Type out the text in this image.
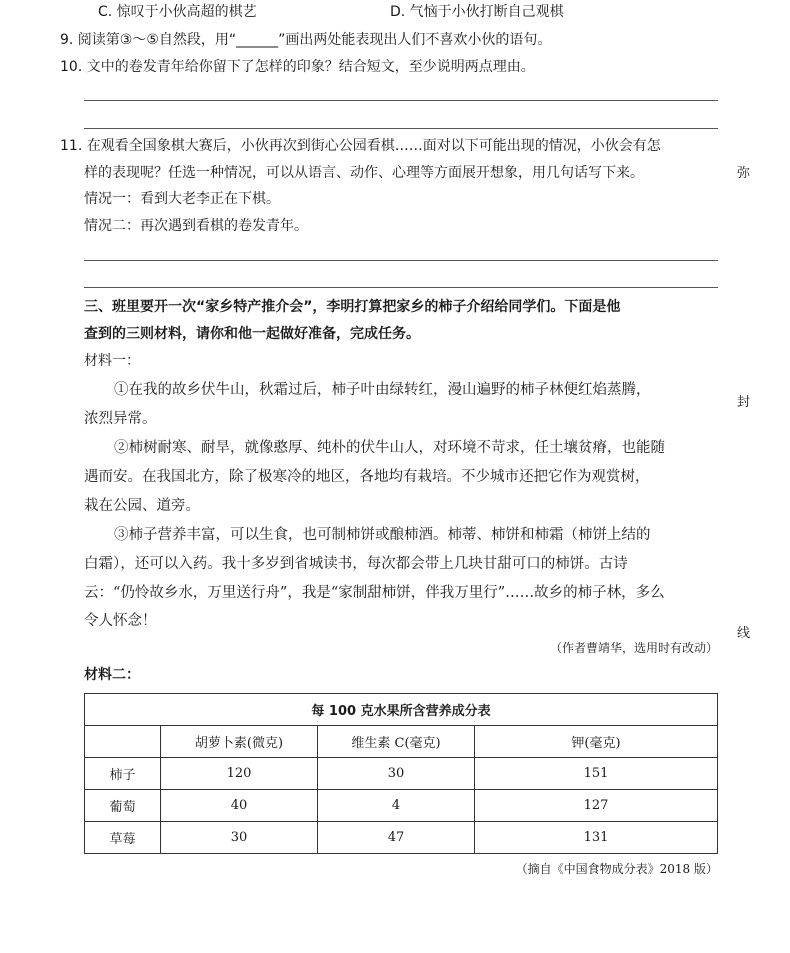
C. 惊叹于小伙高超的棋艺	D. 气恼于小伙打断自己观棋
9. 阅读第③～⑤自然段，用“______”画出两处能表现出人们不喜欢小伙的语句。
10. 文中的卷发青年给你留下了怎样的印象？结合短文，至少说明两点理由。
11. 在观看全国象棋大赛后，小伙再次到街心公园看棋……面对以下可能出现的情况，小伙会有怎
样的表现呢？任选一种情况，可以从语言、动作、心理等方面展开想象，用几句话写下来。
情况一：看到大老李正在下棋。
情况二：再次遇到看棋的卷发青年。
三、班里要开一次“家乡特产推介会”，李明打算把家乡的柿子介绍给同学们。下面是他
查到的三则材料，请你和他一起做好准备，完成任务。
材料一：
①在我的故乡伏牛山，秋霜过后，柿子叶由绿转红，漫山遍野的柿子林便红焰蒸腾，
浓烈异常。
②柿树耐寒、耐旱，就像憨厚、纯朴的伏牛山人，对环境不苛求，任土壤贫瘠，也能随
遇而安。在我国北方，除了极寒冷的地区，各地均有栽培。不少城市还把它作为观赏树，
栽在公园、道旁。
③柿子营养丰富，可以生食，也可制柿饼或酿柿酒。柿蒂、柿饼和柿霜（柿饼上结的
白霜），还可以入药。我十多岁到省城读书，每次都会带上几块甘甜可口的柿饼。古诗
云：“仍怜故乡水，万里送行舟”，我是“家制甜柿饼，伴我万里行”……故乡的柿子林，多么
令人怀念！
（作者曹靖华，选用时有改动）
材料二：
每 100 克水果所含营养成分表			
	胡萝卜素(微克)	维生素 C(毫克)	钾(毫克)
柿子	120	30	151
葡萄	40	4	127
草莓	30	47	131
（摘自《中国食物成分表》2018 版）
弥
封
线
